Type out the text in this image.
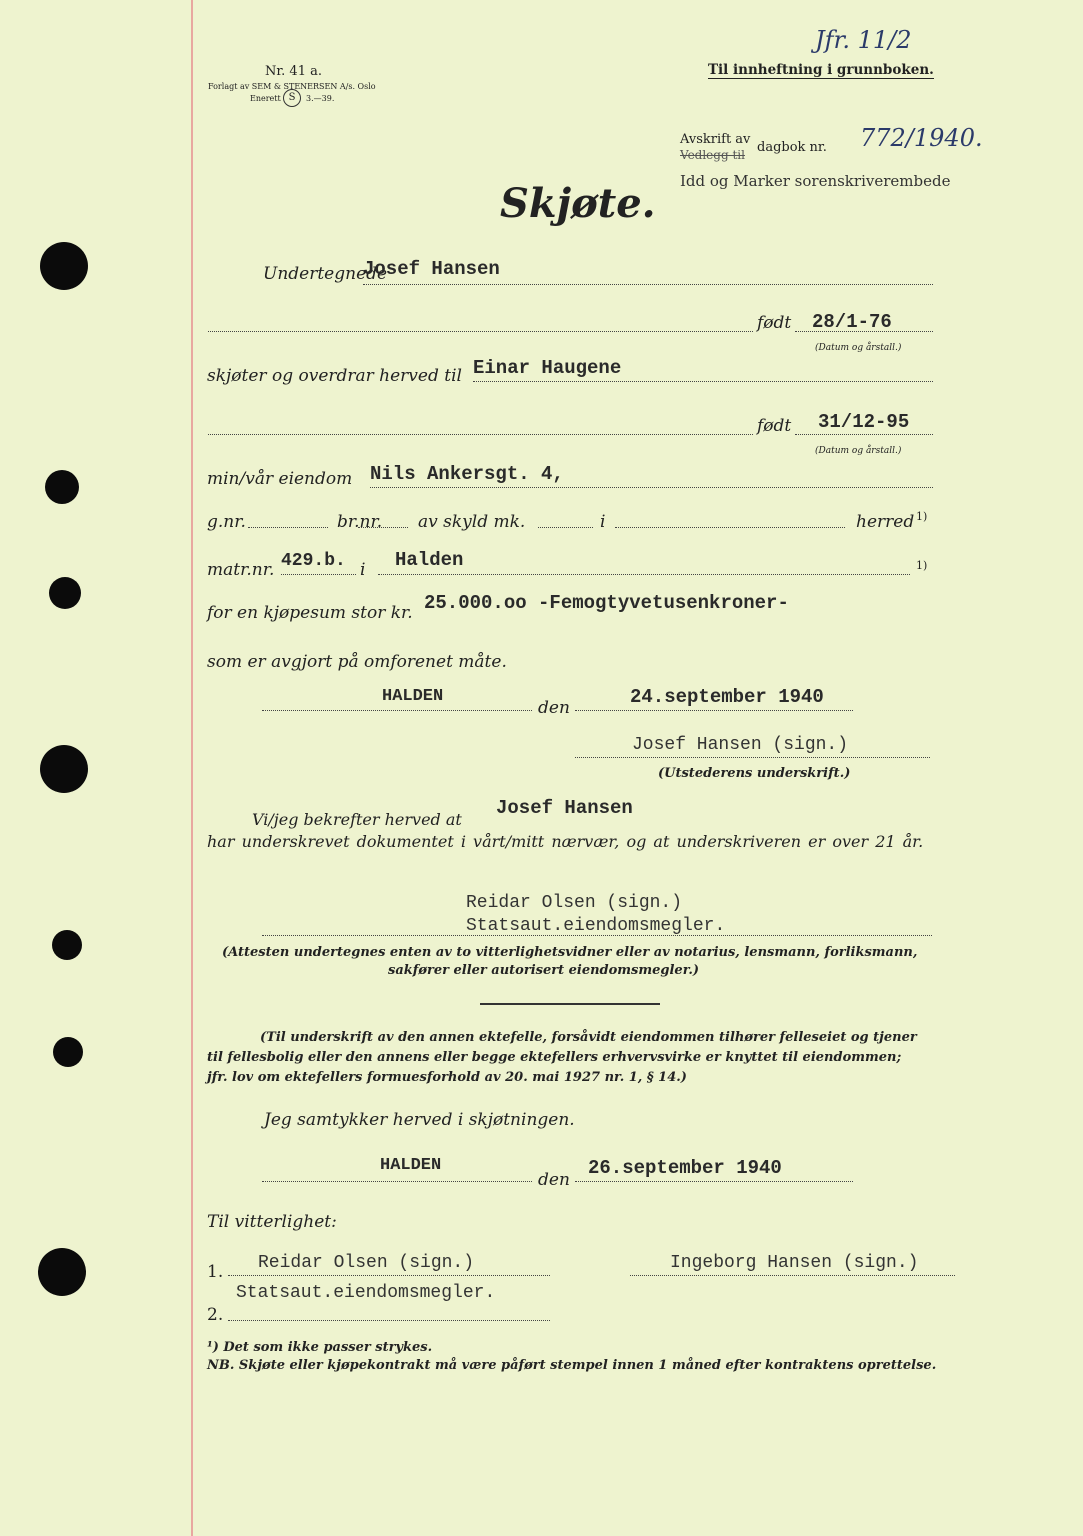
Nr. 41 a.
Forlagt av SEM & STENERSEN A/s. Oslo
Enerett S	3.—39.
Jfr. 11/2
Til innheftning i grunnboken.
Avskrift av
Vedlegg til dagbok nr. 772/1940.
Idd og Marker sorenskriverembede
Skjøte.
Undertegnede
Josef Hansen
født 28/1-76
(Datum og årstall.)
skjøter og overdrar herved til Einar Haugene
født 31/12-95
(Datum og årstall.)
min/vår eiendom Nils Ankersgt. 4,
g.nr.	br.nr. av skyld mk.	i	herred 1)
matr.nr. 429.b. i Halden	1)
for en kjøpesum stor kr. 25.000.oo -Femogtyvetusenkroner-
som er avgjort på omforenet måte.
HALDEN
den	24.september 1940
Josef Hansen (sign.)
(Utstederens underskrift.)
Vi/jeg bekrefter herved at
Josef Hansen
har underskrevet dokumentet i vårt/mitt nærvær, og at underskriveren er over 21 år.
Reidar Olsen (sign.)
Statsaut.eiendomsmegler.
(Attesten undertegnes enten av to vitterlighetsvidner eller av notarius, lensmann, forliksmann,
sakfører eller autorisert eiendomsmegler.)
(Til underskrift av den annen ektefelle, forsåvidt eiendommen tilhører felleseiet og tjener
til fellesbolig eller den annens eller begge ektefellers erhvervsvirke er knyttet til eiendommen;
jfr. lov om ektefellers formuesforhold av 20. mai 1927 nr. 1, § 14.)
Jeg samtykker herved i skjøtningen.
HALDEN
den
26.september 1940
Til vitterlighet:
1. Reidar Olsen (sign.)
Statsaut.eiendomsmegler.
2.
Ingeborg Hansen (sign.)
¹) Det som ikke passer strykes.
NB. Skjøte eller kjøpekontrakt må være påført stempel innen 1 måned efter kontraktens oprettelse.
